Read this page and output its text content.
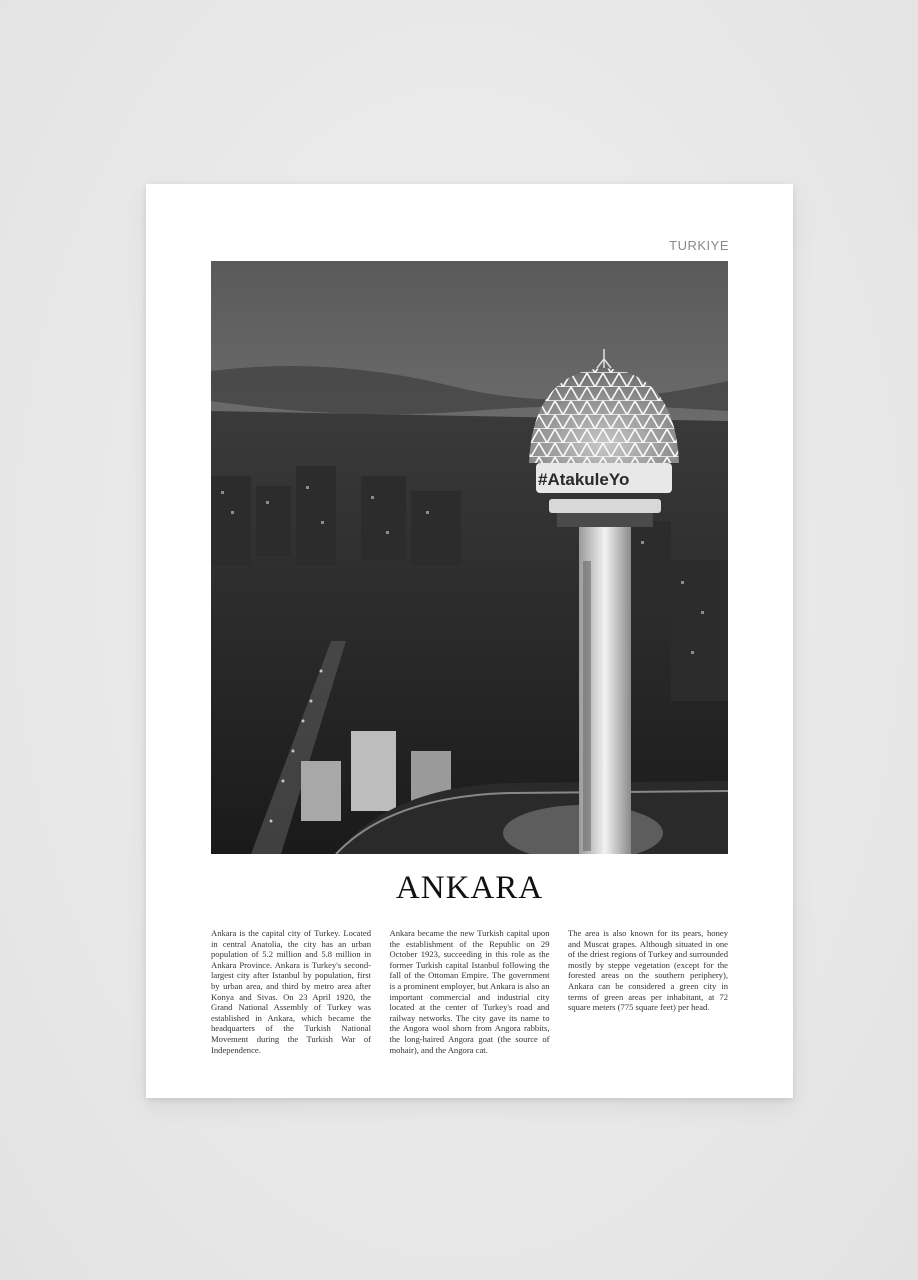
TURKIYE
#AtakuleYo
ANKARA
Ankara is the capital city of Turkey. Located in central Anatolia, the city has an urban population of 5.2 million and 5.8 million in Ankara Province. Ankara is Turkey's second-largest city after Istanbul by population, first by urban area, and third by metro area after Konya and Sivas. On 23 April 1920, the Grand National Assembly of Turkey was established in Ankara, which became the headquarters of the Turkish National Movement during the Turkish War of Independence.
Ankara became the new Turkish capital upon the establishment of the Republic on 29 October 1923, succeeding in this role as the former Turkish capital Istanbul following the fall of the Ottoman Empire. The government is a prominent employer, but Ankara is also an important commercial and industrial city located at the center of Turkey's road and railway networks. The city gave its name to the Angora wool shorn from Angora rabbits, the long-haired Angora goat (the source of mohair), and the Angora cat.
The area is also known for its pears, honey and Muscat grapes. Although situated in one of the driest regions of Turkey and surrounded mostly by steppe vegetation (except for the forested areas on the southern periphery), Ankara can be considered a green city in terms of green areas per inhabitant, at 72 square meters (775 square feet) per head.
